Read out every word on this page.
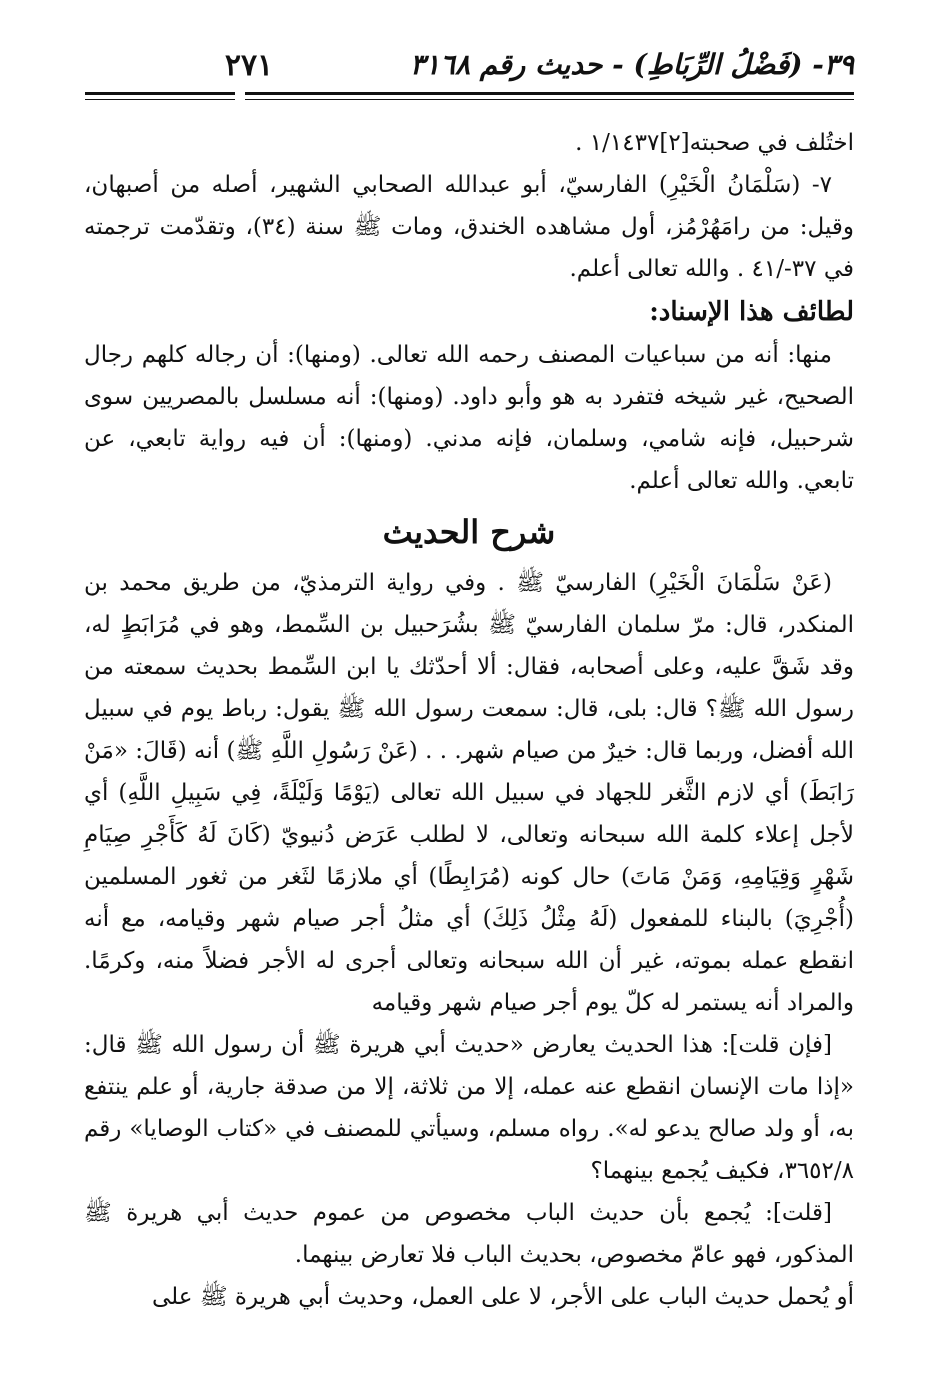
٢٧١	٣٩- (فَضْلُ الرِّبَاطِ) - حديث رقم ٣١٦٨

اختُلف في صحبته[٢]١/١٤٣٧ .

٧- (سَلْمَانُ الْخَيْرِ) الفارسيّ، أبو عبدالله الصحابي الشهير، أصله من أصبهان، وقيل: من رامَهُرْمُز، أول مشاهده الخندق، ومات ﷺ سنة (٣٤)، وتقدّمت ترجمته في ٣٧-/٤١ . والله تعالى أعلم.

لطائف هذا الإسناد:

منها: أنه من سباعيات المصنف رحمه الله تعالى. (ومنها): أن رجاله كلهم رجال الصحيح، غير شيخه فتفرد به هو وأبو داود. (ومنها): أنه مسلسل بالمصريين سوى شرحبيل، فإنه شامي، وسلمان، فإنه مدني. (ومنها): أن فيه رواية تابعي، عن تابعي. والله تعالى أعلم.

شرح الحديث

(عَنْ سَلْمَانَ الْخَيْرِ) الفارسيّ ﷺ . وفي رواية الترمذيّ، من طريق محمد بن المنكدر، قال: مرّ سلمان الفارسيّ ﷺ بشُرَحبيل بن السِّمط، وهو في مُرَابَطٍ له، وقد شَقَّ عليه، وعلى أصحابه، فقال: ألا أحدّثك يا ابن السِّمط بحديث سمعته من رسول الله ﷺ؟ قال: بلى، قال: سمعت رسول الله ﷺ يقول: رباط يوم في سبيل الله أفضل، وربما قال: خيرٌ من صيام شهر. . . (عَنْ رَسُولِ اللَّهِ ﷺ) أنه (قَالَ: «مَنْ رَابَطَ) أي لازم الثَّغر للجهاد في سبيل الله تعالى (يَوْمًا وَلَيْلَةً، فِي سَبِيلِ اللَّهِ) أي لأجل إعلاء كلمة الله سبحانه وتعالى، لا لطلب عَرَض دُنيويّ (كَانَ لَهُ كَأَجْرِ صِيَامِ شَهْرٍ وَقِيَامِهِ، وَمَنْ مَاتَ) حال كونه (مُرَابِطًا) أي ملازمًا لثَغر من ثغور المسلمين (أُجْرِيَ) بالبناء للمفعول (لَهُ مِثْلُ ذَلِكَ) أي مثلُ أجر صيام شهر وقيامه، مع أنه انقطع عمله بموته، غير أن الله سبحانه وتعالى أجرى له الأجر فضلاً منه، وكرمًا. والمراد أنه يستمر له كلّ يوم أجر صيام شهر وقيامه

[فإن قلت]: هذا الحديث يعارض «حديث أبي هريرة ﷺ أن رسول الله ﷺ قال: «إذا مات الإنسان انقطع عنه عمله، إلا من ثلاثة، إلا من صدقة جارية، أو علم ينتفع به، أو ولد صالح يدعو له». رواه مسلم، وسيأتي للمصنف في «كتاب الوصايا» رقم ٣٦٥٢/٨، فكيف يُجمع بينهما؟

[قلت]: يُجمع بأن حديث الباب مخصوص من عموم حديث أبي هريرة ﷺ المذكور، فهو عامّ مخصوص، بحديث الباب فلا تعارض بينهما.

أو يُحمل حديث الباب على الأجر، لا على العمل، وحديث أبي هريرة ﷺ على
